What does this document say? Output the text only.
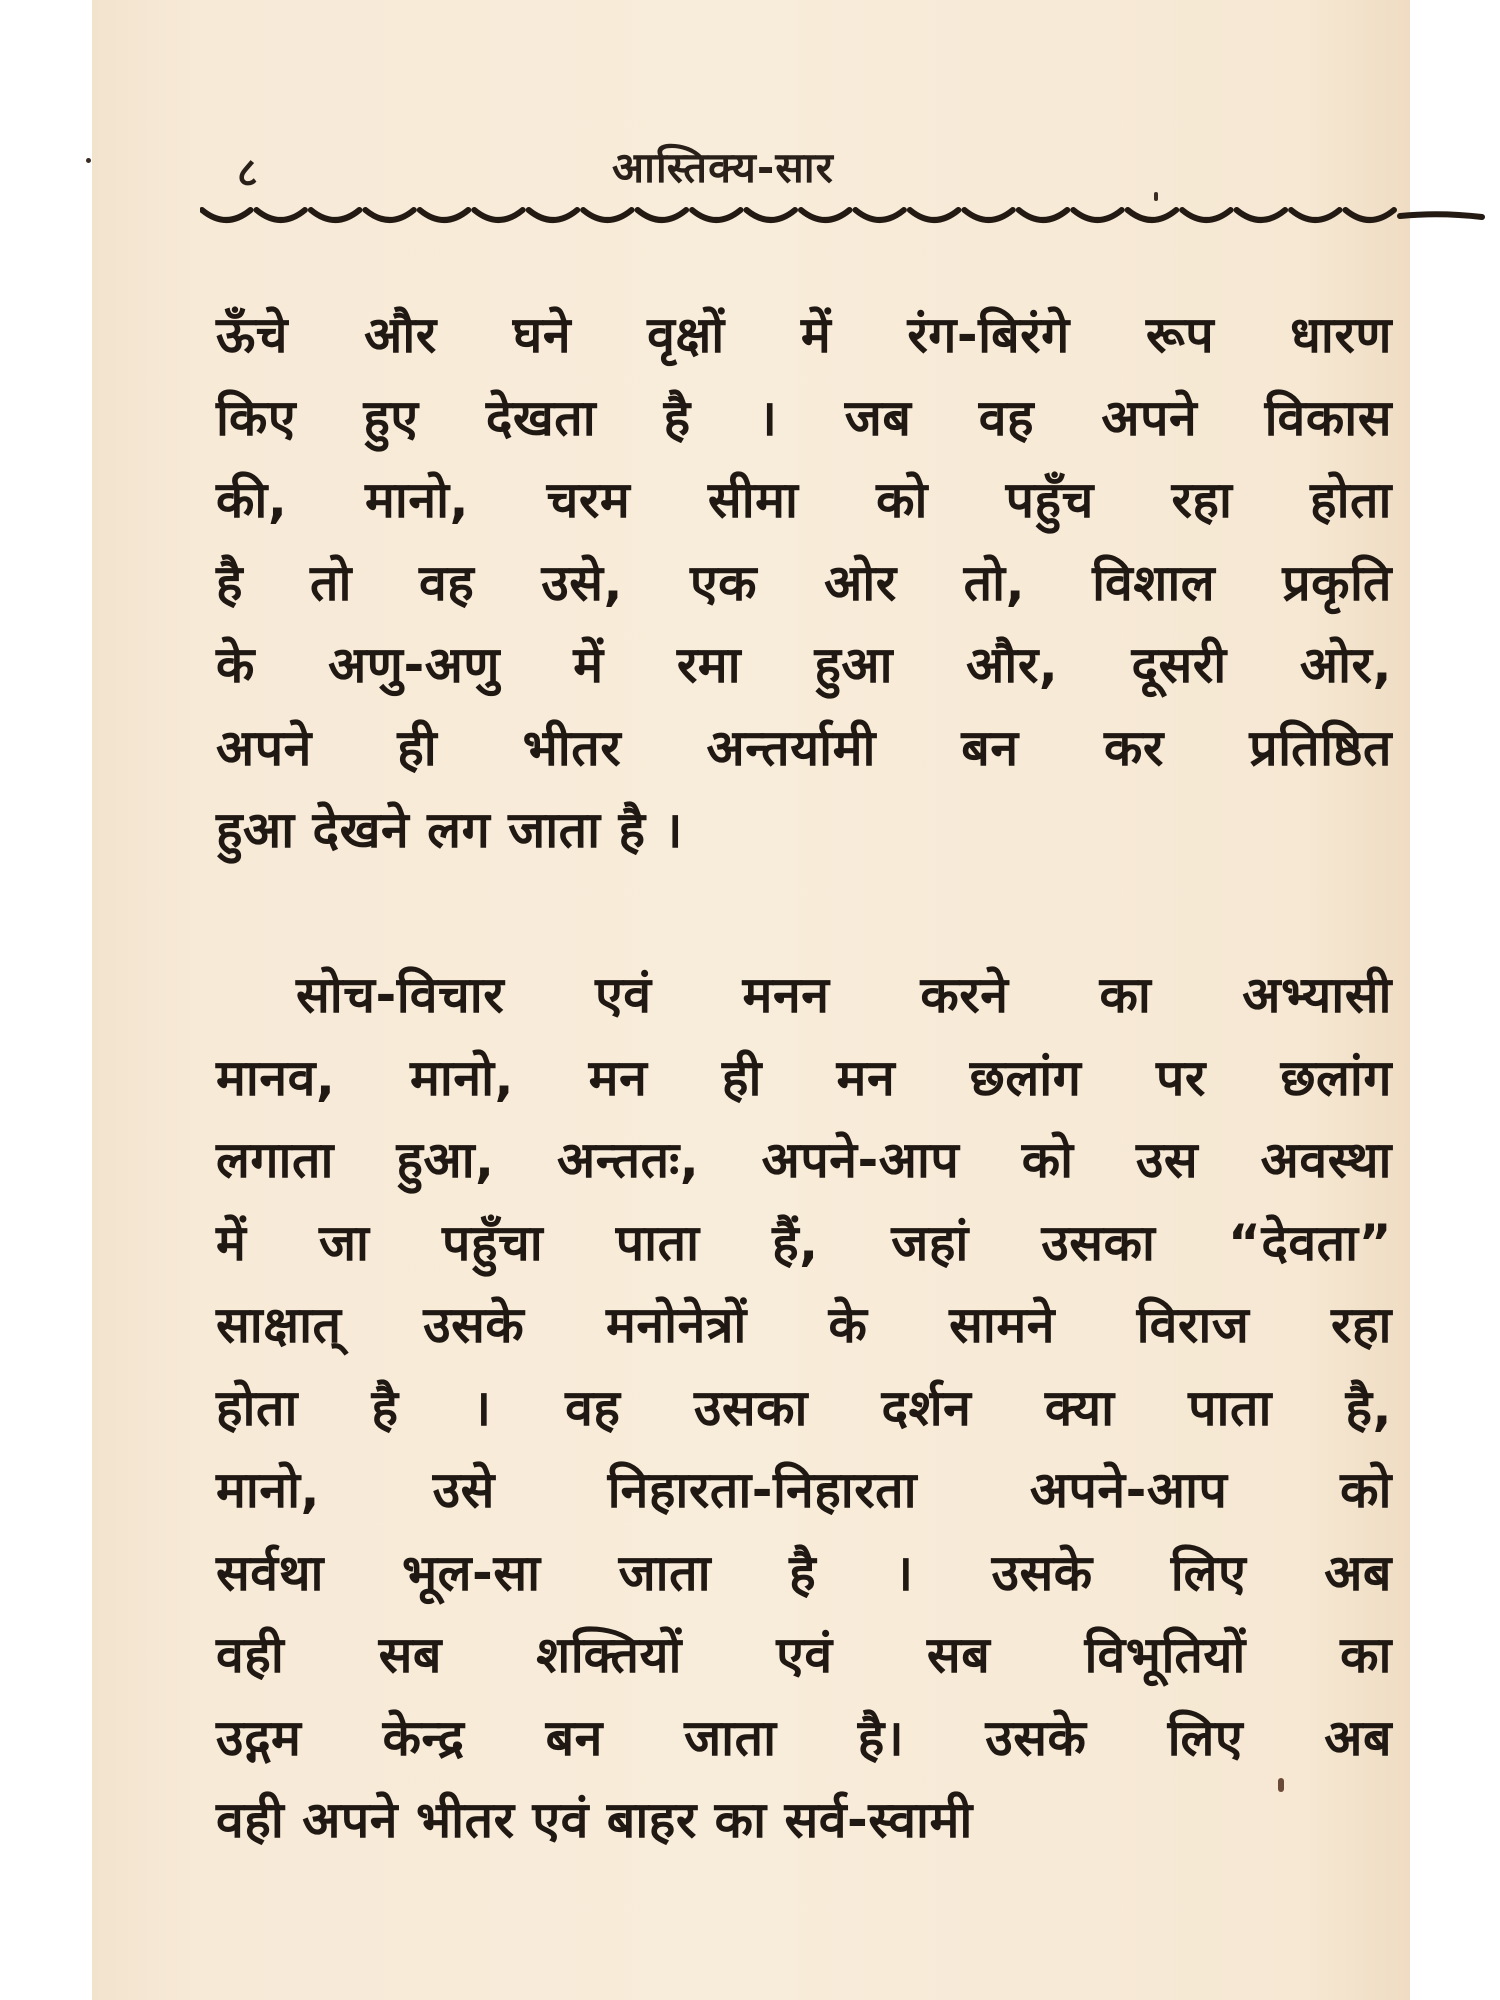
८	आस्तिक्य-सार
ऊँचे और घने वृक्षों में रंग-बिरंगे रूप धारण
किए हुए देखता है । जब वह अपने विकास
की, मानो, चरम सीमा को पहुँच रहा होता
है तो वह उसे, एक ओर तो, विशाल प्रकृति
के अणु-अणु में रमा हुआ और, दूसरी ओर,
अपने ही भीतर अन्तर्यामी बन कर प्रतिष्ठित
हुआ देखने लग जाता है ।
सोच-विचार एवं मनन करने का अभ्यासी
मानव, मानो, मन ही मन छलांग पर छलांग
लगाता हुआ, अन्ततः, अपने-आप को उस अवस्था
में जा पहुँचा पाता हैं, जहां उसका “देवता”
साक्षात् उसके मनोनेत्रों के सामने विराज रहा
होता है । वह उसका दर्शन क्या पाता है,
मानो, उसे निहारता-निहारता अपने-आप को
सर्वथा भूल-सा जाता है । उसके लिए अब
वही सब शक्तियों एवं सब विभूतियों का
उद्गम केन्द्र बन जाता है। उसके लिए अब
वही अपने भीतर एवं बाहर का सर्व-स्वामी
